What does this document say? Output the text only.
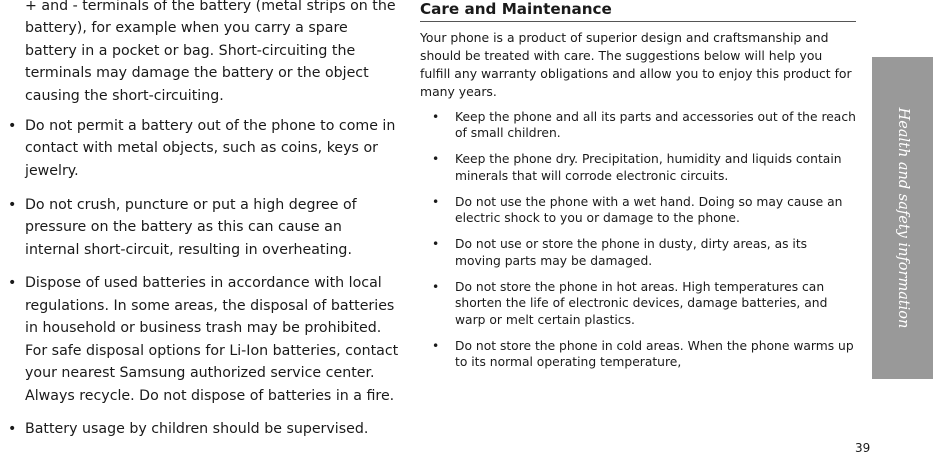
+ and - terminals of the battery (metal strips on the battery), for example when you carry a spare battery in a pocket or bag. Short-circuiting the terminals may damage the battery or the object causing the short-circuiting.

• Do not permit a battery out of the phone to come in contact with metal objects, such as coins, keys or jewelry.
• Do not crush, puncture or put a high degree of pressure on the battery as this can cause an internal short-circuit, resulting in overheating.
• Dispose of used batteries in accordance with local regulations. In some areas, the disposal of batteries in household or business trash may be prohibited. For safe disposal options for Li-Ion batteries, contact your nearest Samsung authorized service center. Always recycle. Do not dispose of batteries in a fire.
• Battery usage by children should be supervised.
Care and Maintenance

Your phone is a product of superior design and craftsmanship and should be treated with care. The suggestions below will help you fulfill any warranty obligations and allow you to enjoy this product for many years.

• Keep the phone and all its parts and accessories out of the reach of small children.
• Keep the phone dry. Precipitation, humidity and liquids contain minerals that will corrode electronic circuits.
• Do not use the phone with a wet hand. Doing so may cause an electric shock to you or damage to the phone.
• Do not use or store the phone in dusty, dirty areas, as its moving parts may be damaged.
• Do not store the phone in hot areas. High temperatures can shorten the life of electronic devices, damage batteries, and warp or melt certain plastics.
• Do not store the phone in cold areas. When the phone warms up to its normal operating temperature,
Health and safety information
39
